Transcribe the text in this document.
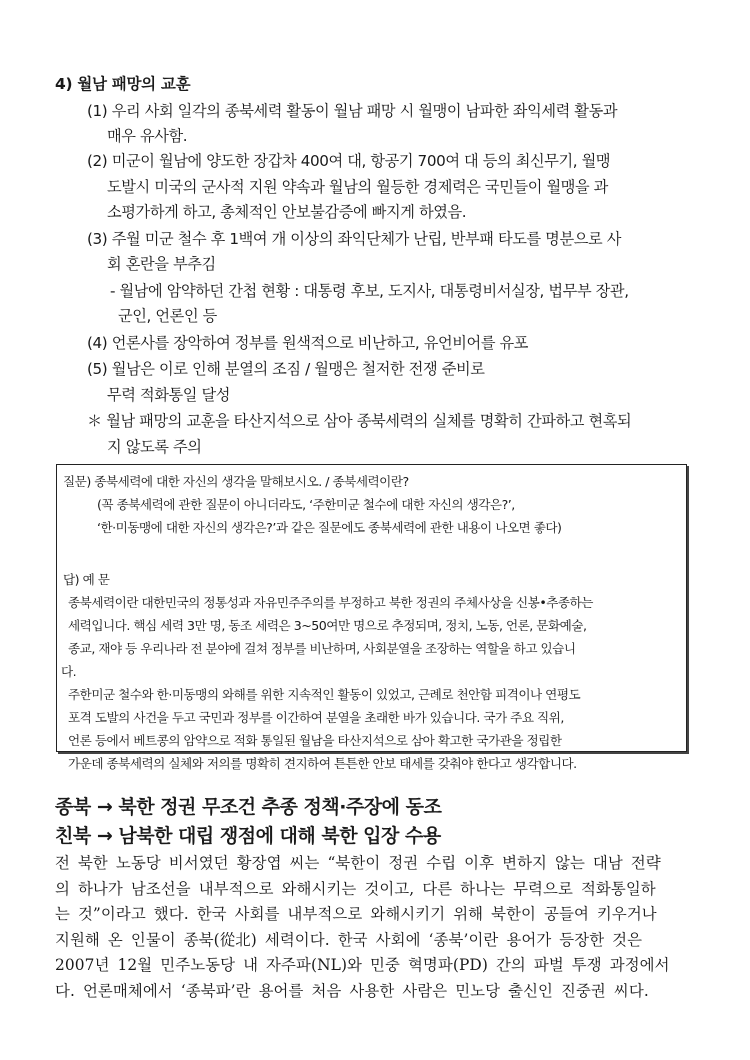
4) 월남 패망의 교훈
(1) 우리 사회 일각의 종북세력 활동이 월남 패망 시 월맹이 남파한 좌익세력 활동과
매우 유사함.
(2) 미군이 월남에 양도한 장갑차 400여 대, 항공기 700여 대 등의 최신무기, 월맹
도발시 미국의 군사적 지원 약속과 월남의 월등한 경제력은 국민들이 월맹을 과
소평가하게 하고, 총체적인 안보불감증에 빠지게 하였음.
(3) 주월 미군 철수 후 1백여 개 이상의 좌익단체가 난립, 반부패 타도를 명분으로 사
회 혼란을 부추김
- 월남에 암약하던 간첩 현황 : 대통령 후보, 도지사, 대통령비서실장, 법무부 장관,
군인, 언론인 등
(4) 언론사를 장악하여 정부를 원색적으로 비난하고, 유언비어를 유포
(5) 월남은 이로 인해 분열의 조짐 / 월맹은 철저한 전쟁 준비로
무력 적화통일 달성
＊ 월남 패망의 교훈을 타산지석으로 삼아 종북세력의 실체를 명확히 간파하고 현혹되
지 않도록 주의
질문) 종북세력에 대한 자신의 생각을 말해보시오. / 종북세력이란?
(꼭 종북세력에 관한 질문이 아니더라도, ‘주한미군 철수에 대한 자신의 생각은?’,
‘한·미동맹에 대한 자신의 생각은?’과 같은 질문에도 종북세력에 관한 내용이 나오면 좋다)
답) 예 문
종북세력이란 대한민국의 정통성과 자유민주주의를 부정하고 북한 정권의 주체사상을 신봉•추종하는
세력입니다. 핵심 세력 3만 명, 동조 세력은 3~50여만 명으로 추정되며, 정치, 노동, 언론, 문화예술,
종교, 재야 등 우리나라 전 분야에 걸쳐 정부를 비난하며, 사회분열을 조장하는 역할을 하고 있습니
다.
주한미군 철수와 한·미동맹의 와해를 위한 지속적인 활동이 있었고, 근례로 천안함 피격이나 연평도
포격 도발의 사건을 두고 국민과 정부를 이간하여 분열을 초래한 바가 있습니다. 국가 주요 직위,
언론 등에서 베트콩의 암약으로 적화 통일된 월남을 타산지석으로 삼아 확고한 국가관을 정립한
가운데 종북세력의 실체와 저의를 명확히 견지하여 튼튼한 안보 태세를 갖춰야 한다고 생각합니다.
종북 → 북한 정권 무조건 추종 정책·주장에 동조
친북 → 남북한 대립 쟁점에 대해 북한 입장 수용
전 북한 노동당 비서였던 황장엽 씨는 “북한이 정권 수립 이후 변하지 않는 대남 전략
의 하나가 남조선을 내부적으로 와해시키는 것이고, 다른 하나는 무력으로 적화통일하
는 것”이라고 했다. 한국 사회를 내부적으로 와해시키기 위해 북한이 공들여 키우거나
지원해 온 인물이 종북(從北) 세력이다. 한국 사회에 ‘종북’이란 용어가 등장한 것은
2007년 12월 민주노동당 내 자주파(NL)와 민중 혁명파(PD) 간의 파벌 투쟁 과정에서
다. 언론매체에서 ‘종북파’란 용어를 처음 사용한 사람은 민노당 출신인 진중권 씨다.
